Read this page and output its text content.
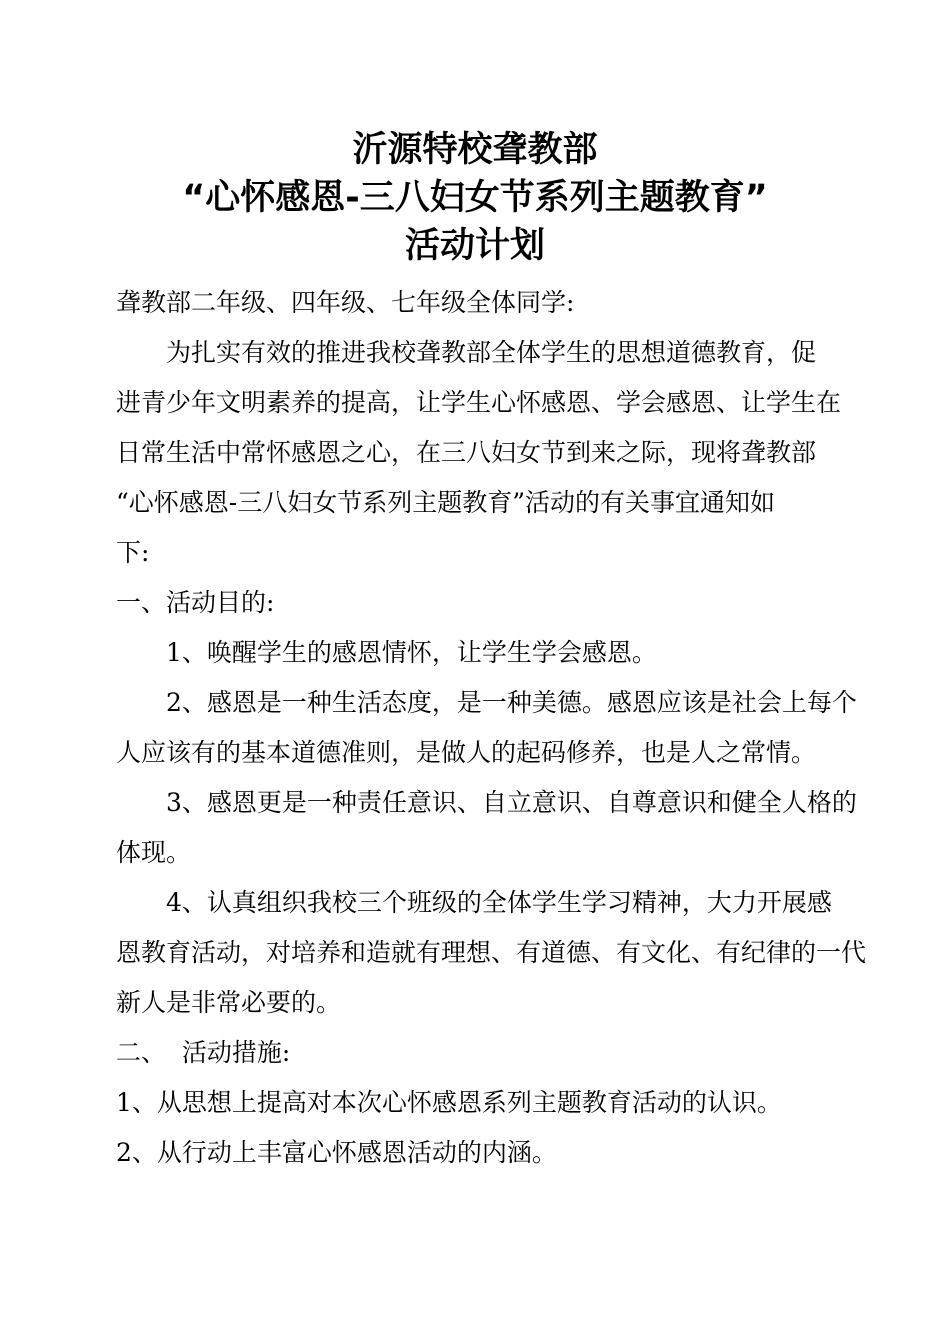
沂源特校聋教部
“心怀感恩-三八妇女节系列主题教育”
活动计划

聋教部二年级、四年级、七年级全体同学:

为扎实有效的推进我校聋教部全体学生的思想道德教育，促

进青少年文明素养的提高，让学生心怀感恩、学会感恩、让学生在

日常生活中常怀感恩之心，在三八妇女节到来之际，现将聋教部

“心怀感恩-三八妇女节系列主题教育”活动的有关事宜通知如

下:

一、活动目的:

1、唤醒学生的感恩情怀，让学生学会感恩。

2、感恩是一种生活态度，是一种美德。感恩应该是社会上每个

人应该有的基本道德准则，是做人的起码修养，也是人之常情。

3、感恩更是一种责任意识、自立意识、自尊意识和健全人格的

体现。

4、认真组织我校三个班级的全体学生学习精神，大力开展感

恩教育活动，对培养和造就有理想、有道德、有文化、有纪律的一代

新人是非常必要的。

二、  活动措施:

1、从思想上提高对本次心怀感恩系列主题教育活动的认识。

2、从行动上丰富心怀感恩活动的内涵。
